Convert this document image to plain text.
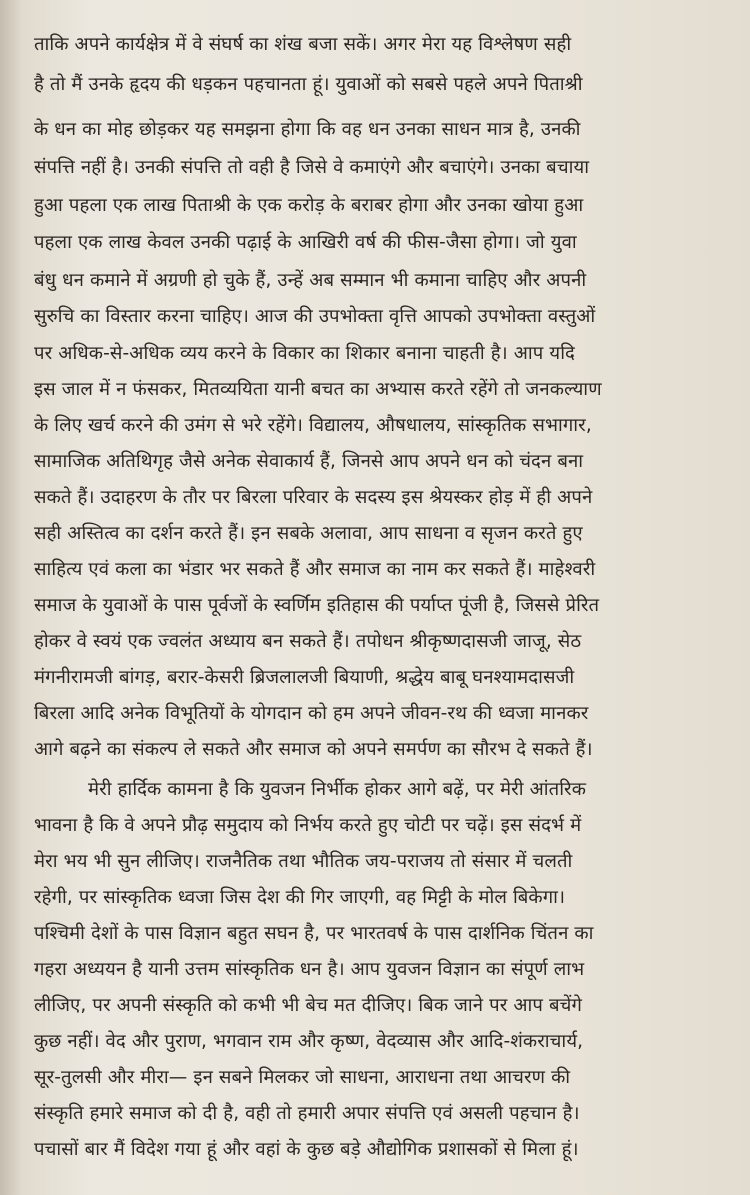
ताकि अपने कार्यक्षेत्र में वे संघर्ष का शंख बजा सकें। अगर मेरा यह विश्लेषण सही
है तो मैं उनके हृदय की धड़कन पहचानता हूं। युवाओं को सबसे पहले अपने पिताश्री
के धन का मोह छोड़कर यह समझना होगा कि वह धन उनका साधन मात्र है, उनकी
संपत्ति नहीं है। उनकी संपत्ति तो वही है जिसे वे कमाएंगे और बचाएंगे। उनका बचाया
हुआ पहला एक लाख पिताश्री के एक करोड़ के बराबर होगा और उनका खोया हुआ
पहला एक लाख केवल उनकी पढ़ाई के आखिरी वर्ष की फीस-जैसा होगा। जो युवा
बंधु धन कमाने में अग्रणी हो चुके हैं, उन्हें अब सम्मान भी कमाना चाहिए और अपनी
सुरुचि का विस्तार करना चाहिए। आज की उपभोक्ता वृत्ति आपको उपभोक्ता वस्तुओं
पर अधिक-से-अधिक व्यय करने के विकार का शिकार बनाना चाहती है। आप यदि
इस जाल में न फंसकर, मितव्ययिता यानी बचत का अभ्यास करते रहेंगे तो जनकल्याण
के लिए खर्च करने की उमंग से भरे रहेंगे। विद्यालय, औषधालय, सांस्कृतिक सभागार,
सामाजिक अतिथिगृह जैसे अनेक सेवाकार्य हैं, जिनसे आप अपने धन को चंदन बना
सकते हैं। उदाहरण के तौर पर बिरला परिवार के सदस्य इस श्रेयस्कर होड़ में ही अपने
सही अस्तित्व का दर्शन करते हैं। इन सबके अलावा, आप साधना व सृजन करते हुए
साहित्य एवं कला का भंडार भर सकते हैं और समाज का नाम कर सकते हैं। माहेश्वरी
समाज के युवाओं के पास पूर्वजों के स्वर्णिम इतिहास की पर्याप्त पूंजी है, जिससे प्रेरित
होकर वे स्वयं एक ज्वलंत अध्याय बन सकते हैं। तपोधन श्रीकृष्णदासजी जाजू, सेठ
मंगनीरामजी बांगड़, बरार-केसरी ब्रिजलालजी बियाणी, श्रद्धेय बाबू घनश्यामदासजी
बिरला आदि अनेक विभूतियों के योगदान को हम अपने जीवन-रथ की ध्वजा मानकर
आगे बढ़ने का संकल्प ले सकते और समाज को अपने समर्पण का सौरभ दे सकते हैं।
मेरी हार्दिक कामना है कि युवजन निर्भीक होकर आगे बढ़ें, पर मेरी आंतरिक
भावना है कि वे अपने प्रौढ़ समुदाय को निर्भय करते हुए चोटी पर चढ़ें। इस संदर्भ में
मेरा भय भी सुन लीजिए। राजनैतिक तथा भौतिक जय-पराजय तो संसार में चलती
रहेगी, पर सांस्कृतिक ध्वजा जिस देश की गिर जाएगी, वह मिट्टी के मोल बिकेगा।
पश्चिमी देशों के पास विज्ञान बहुत सघन है, पर भारतवर्ष के पास दार्शनिक चिंतन का
गहरा अध्ययन है यानी उत्तम सांस्कृतिक धन है। आप युवजन विज्ञान का संपूर्ण लाभ
लीजिए, पर अपनी संस्कृति को कभी भी बेच मत दीजिए। बिक जाने पर आप बचेंगे
कुछ नहीं। वेद और पुराण, भगवान राम और कृष्ण, वेदव्यास और आदि-शंकराचार्य,
सूर-तुलसी और मीरा— इन सबने मिलकर जो साधना, आराधना तथा आचरण की
संस्कृति हमारे समाज को दी है, वही तो हमारी अपार संपत्ति एवं असली पहचान है।
पचासों बार मैं विदेश गया हूं और वहां के कुछ बड़े औद्योगिक प्रशासकों से मिला हूं।
